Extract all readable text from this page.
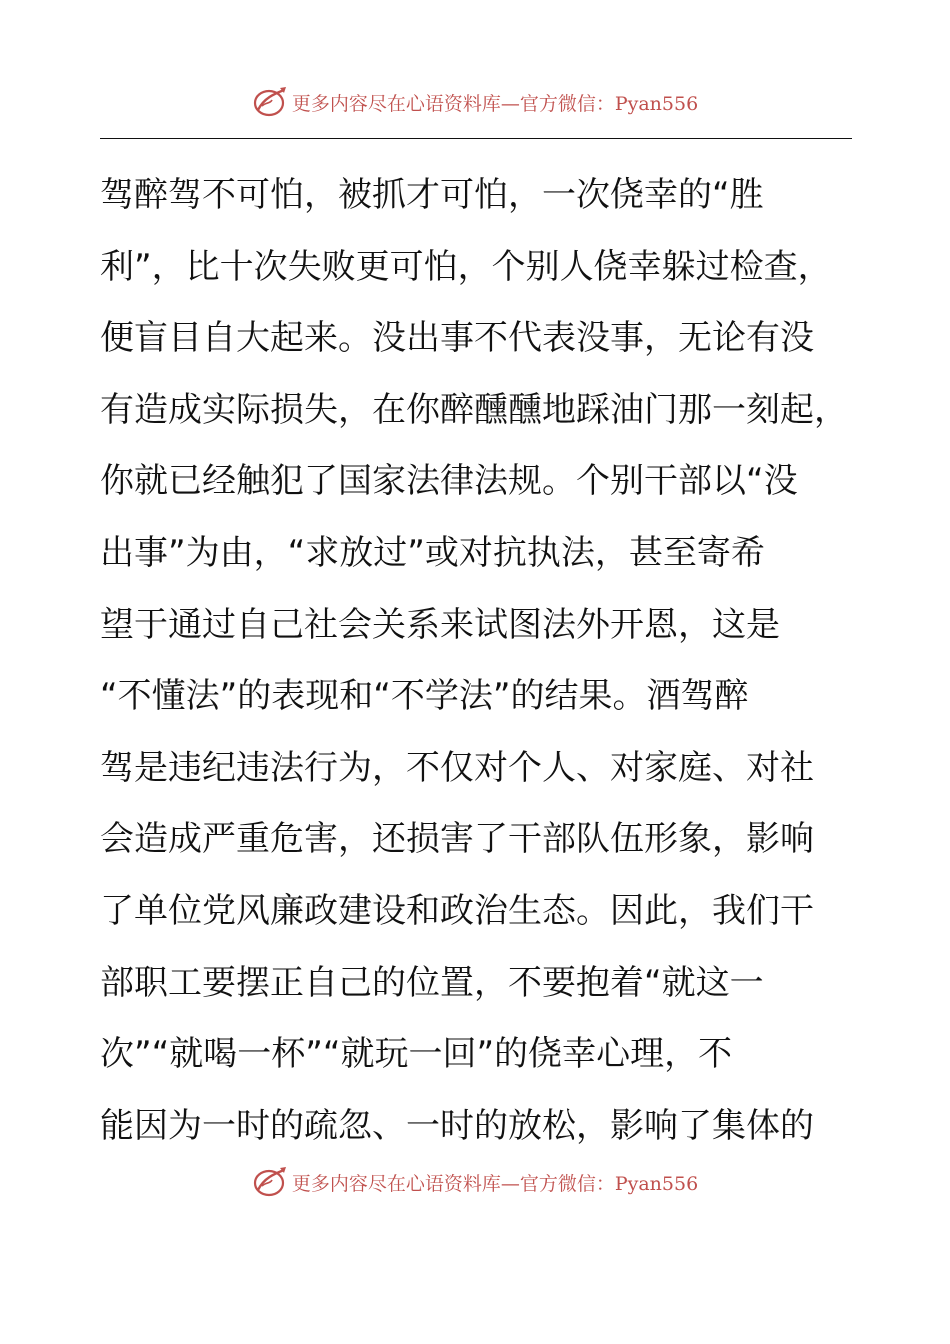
更多内容尽在心语资料库—官方微信：Pyan556
驾醉驾不可怕，被抓才可怕，一次侥幸的“胜
利”，比十次失败更可怕，个别人侥幸躲过检查，
便盲目自大起来。没出事不代表没事，无论有没
有造成实际损失，在你醉醺醺地踩油门那一刻起，
你就已经触犯了国家法律法规。个别干部以“没
出事”为由，“求放过”或对抗执法，甚至寄希
望于通过自己社会关系来试图法外开恩，这是
“不懂法”的表现和“不学法”的结果。酒驾醉
驾是违纪违法行为，不仅对个人、对家庭、对社
会造成严重危害，还损害了干部队伍形象，影响
了单位党风廉政建设和政治生态。因此，我们干
部职工要摆正自己的位置，不要抱着“就这一
次”“就喝一杯”“就玩一回”的侥幸心理，不
能因为一时的疏忽、一时的放松，影响了集体的
更多内容尽在心语资料库—官方微信：Pyan556
